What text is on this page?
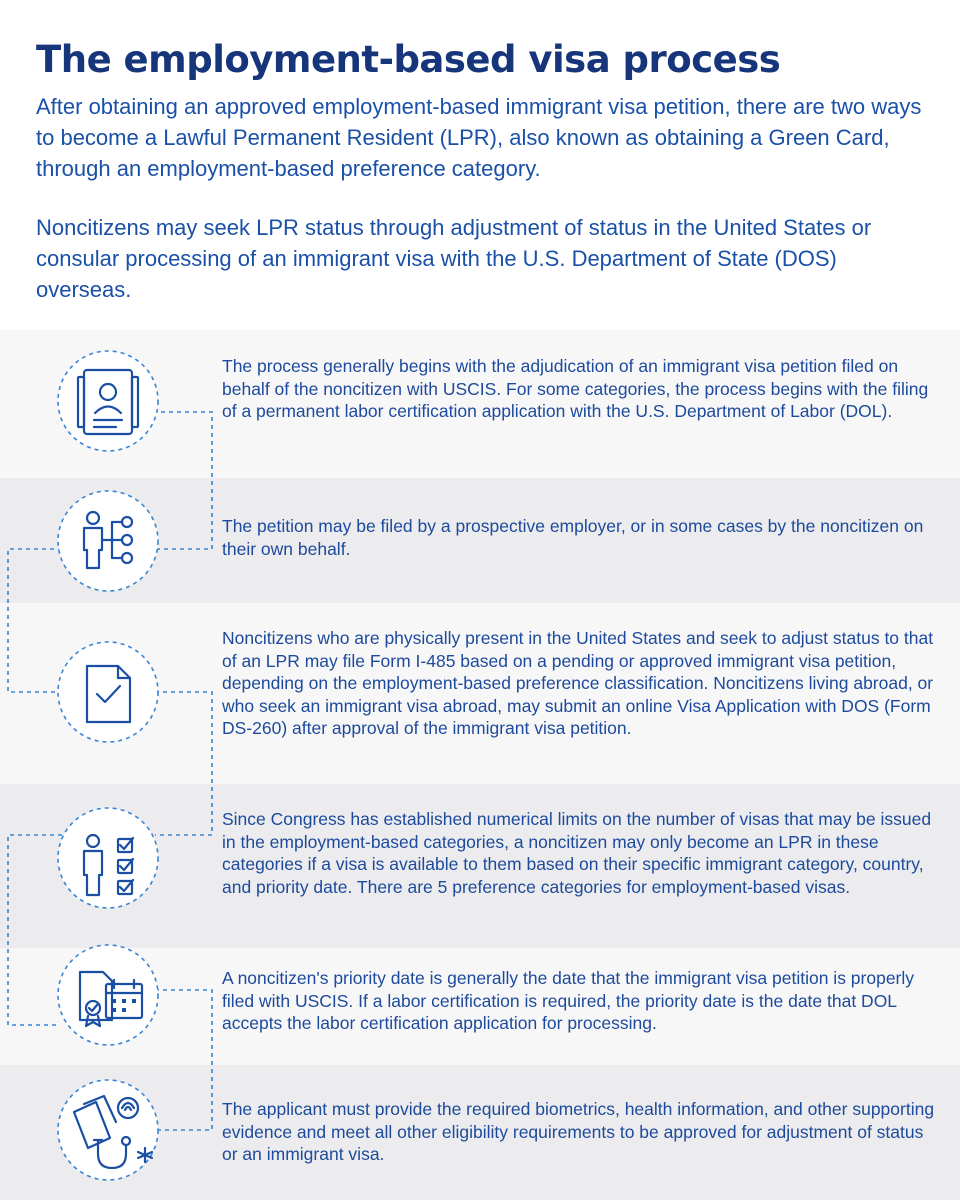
The employment-based visa process

After obtaining an approved employment-based immigrant visa petition, there are two ways to become a Lawful Permanent Resident (LPR), also known as obtaining a Green Card, through an employment-based preference category.

Noncitizens may seek LPR status through adjustment of status in the United States or consular processing of an immigrant visa with the U.S. Department of State (DOS) overseas.

The process generally begins with the adjudication of an immigrant visa petition filed on behalf of the noncitizen with USCIS. For some categories, the process begins with the filing of a permanent labor certification application with the U.S. Department of Labor (DOL).
The petition may be filed by a prospective employer, or in some cases by the noncitizen on their own behalf.
Noncitizens who are physically present in the United States and seek to adjust status to that of an LPR may file Form I-485 based on a pending or approved immigrant visa petition, depending on the employment-based preference classification. Noncitizens living abroad, or who seek an immigrant visa abroad, may submit an online Visa Application with DOS (Form DS-260) after approval of the immigrant visa petition.
Since Congress has established numerical limits on the number of visas that may be issued in the employment-based categories, a noncitizen may only become an LPR in these categories if a visa is available to them based on their specific immigrant category, country, and priority date. There are 5 preference categories for employment-based visas.
A noncitizen's priority date is generally the date that the immigrant visa petition is properly filed with USCIS. If a labor certification is required, the priority date is the date that DOL accepts the labor certification application for processing.
The applicant must provide the required biometrics, health information, and other supporting evidence and meet all other eligibility requirements to be approved for adjustment of status or an immigrant visa.
